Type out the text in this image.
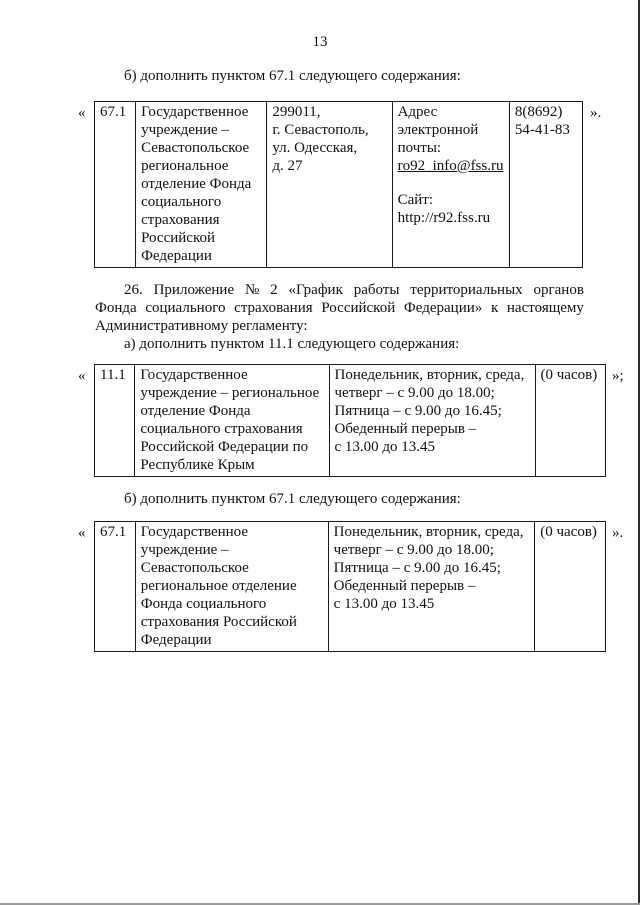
13
б) дополнить пунктом 67.1 следующего содержания:
« 67.1	Государственное
учреждение –
Севастопольское
региональное
отделение Фонда
социального
страхования
Российской
Федерации

299011,
г. Севастополь,
ул. Одесская,
д. 27

Адрес
электронной
почты:
ro92_info@fss.ru
Сайт:
http://r92.fss.ru

8(8692)
54-41-83
».
26. Приложение № 2 «График работы территориальных органов
Фонда социального страхования Российской Федерации» к настоящему
Административному регламенту:
а) дополнить пунктом 11.1 следующего содержания:
« 11.1	Государственное
учреждение – региональное
отделение Фонда
социального страхования
Российской Федерации по
Республике Крым

Понедельник, вторник, среда,
четверг – с 9.00 до 18.00;
Пятница – с 9.00 до 16.45;
Обеденный перерыв –
с 13.00 до 13.45

(0 часов) »;
б) дополнить пунктом 67.1 следующего содержания:
« 67.1	Государственное
учреждение –
Севастопольское
региональное отделение
Фонда социального
страхования Российской
Федерации

Понедельник, вторник, среда,
четверг – с 9.00 до 18.00;
Пятница – с 9.00 до 16.45;
Обеденный перерыв –
с 13.00 до 13.45

(0 часов) ».
